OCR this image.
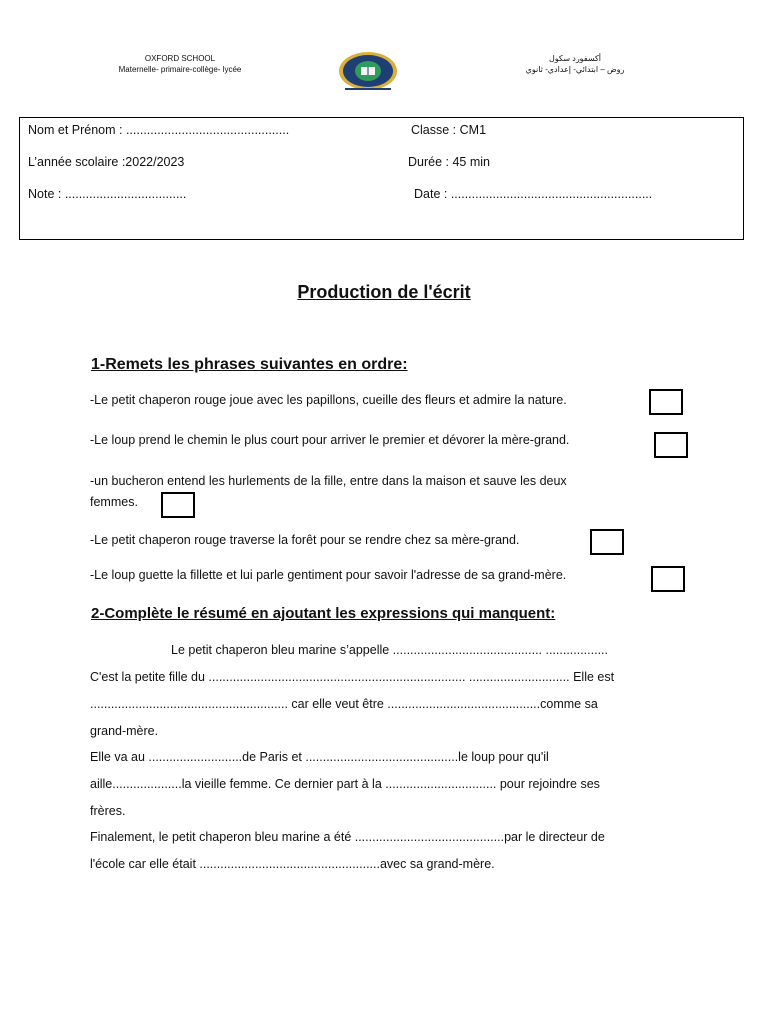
OXFORD SCHOOL
Maternelle- primaire-collège- lycée
أكسفورد سكول
روض – ابتدائي- إعدادي- ثانوي
Nom et Prénom : ...............................................	Classe : CM1
L’année scolaire :2022/2023	Durée : 45 min
Note : ...................................	Date : ..........................................................
Production de l'écrit
1-Remets les phrases suivantes en ordre:
-Le petit chaperon rouge joue avec les papillons, cueille des fleurs et admire la nature.
-Le loup prend le chemin le plus court pour arriver le premier et dévorer la mère-grand.
-un bucheron entend les hurlements de la fille, entre dans la maison et sauve les deux
femmes.
-Le petit chaperon rouge traverse la forêt pour se rendre chez sa mère-grand.
-Le loup guette la fillette et lui parle gentiment pour savoir l'adresse de sa grand-mère.
2-Complète le résumé en ajoutant les expressions qui manquent:
Le petit chaperon bleu marine s’appelle ........................................... ..................
C'est la petite fille du .......................................................................... ............................. Elle est
......................................................... car elle veut être ............................................comme sa
grand-mère.
Elle va au ...........................de Paris et ............................................le loup pour qu'il
aille....................la vieille femme. Ce dernier part à la ................................ pour rejoindre ses
frères.
Finalement, le petit chaperon bleu marine a été ...........................................par le directeur de
l'école car elle était ....................................................avec sa grand-mère.
